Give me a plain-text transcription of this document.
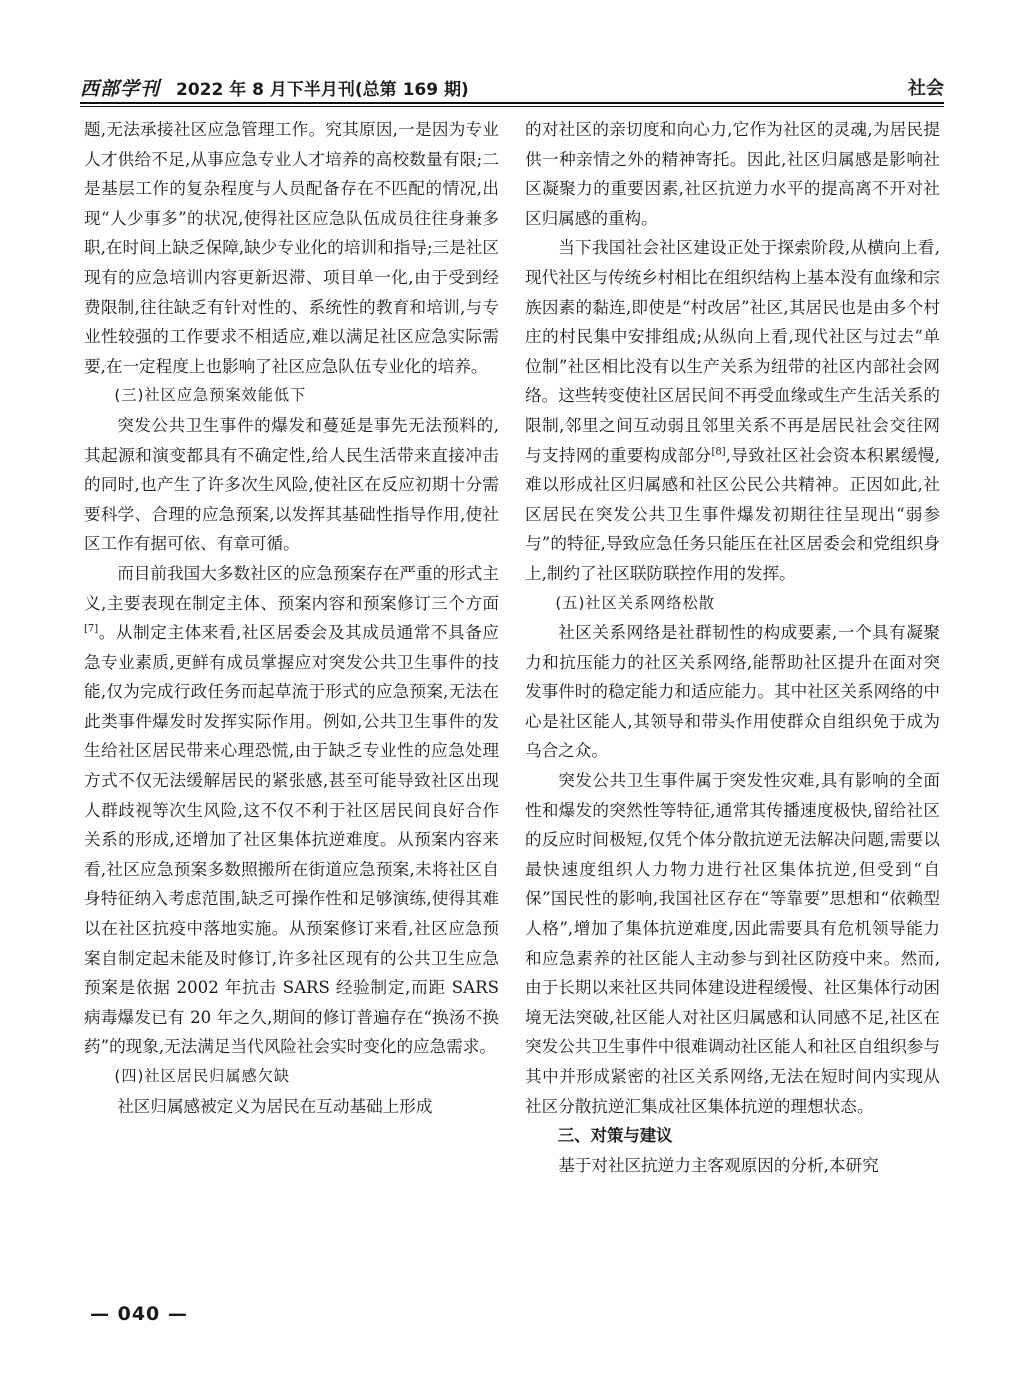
西部学刊 2022 年 8 月下半月刊(总第 169 期)	社会

题,无法承接社区应急管理工作。究其原因,一是因为专业人才供给不足,从事应急专业人才培养的高校数量有限;二是基层工作的复杂程度与人员配备存在不匹配的情况,出现“人少事多”的状况,使得社区应急队伍成员往往身兼多职,在时间上缺乏保障,缺少专业化的培训和指导;三是社区现有的应急培训内容更新迟滞、项目单一化,由于受到经费限制,往往缺乏有针对性的、系统性的教育和培训,与专业性较强的工作要求不相适应,难以满足社区应急实际需要,在一定程度上也影响了社区应急队伍专业化的培养。

(三)社区应急预案效能低下

突发公共卫生事件的爆发和蔓延是事先无法预料的,其起源和演变都具有不确定性,给人民生活带来直接冲击的同时,也产生了许多次生风险,使社区在反应初期十分需要科学、合理的应急预案,以发挥其基础性指导作用,使社区工作有据可依、有章可循。

而目前我国大多数社区的应急预案存在严重的形式主义,主要表现在制定主体、预案内容和预案修订三个方面[7]。从制定主体来看,社区居委会及其成员通常不具备应急专业素质,更鲜有成员掌握应对突发公共卫生事件的技能,仅为完成行政任务而起草流于形式的应急预案,无法在此类事件爆发时发挥实际作用。例如,公共卫生事件的发生给社区居民带来心理恐慌,由于缺乏专业性的应急处理方式不仅无法缓解居民的紧张感,甚至可能导致社区出现人群歧视等次生风险,这不仅不利于社区居民间良好合作关系的形成,还增加了社区集体抗逆难度。从预案内容来看,社区应急预案多数照搬所在街道应急预案,未将社区自身特征纳入考虑范围,缺乏可操作性和足够演练,使得其难以在社区抗疫中落地实施。从预案修订来看,社区应急预案自制定起未能及时修订,许多社区现有的公共卫生应急预案是依据 2002 年抗击 SARS 经验制定,而距 SARS 病毒爆发已有 20 年之久,期间的修订普遍存在“换汤不换药”的现象,无法满足当代风险社会实时变化的应急需求。

(四)社区居民归属感欠缺

社区归属感被定义为居民在互动基础上形成

的对社区的亲切度和向心力,它作为社区的灵魂,为居民提供一种亲情之外的精神寄托。因此,社区归属感是影响社区凝聚力的重要因素,社区抗逆力水平的提高离不开对社区归属感的重构。

当下我国社会社区建设正处于探索阶段,从横向上看,现代社区与传统乡村相比在组织结构上基本没有血缘和宗族因素的黏连,即使是“村改居”社区,其居民也是由多个村庄的村民集中安排组成;从纵向上看,现代社区与过去“单位制”社区相比没有以生产关系为纽带的社区内部社会网络。这些转变使社区居民间不再受血缘或生产生活关系的限制,邻里之间互动弱且邻里关系不再是居民社会交往网与支持网的重要构成部分[8],导致社区社会资本积累缓慢,难以形成社区归属感和社区公民公共精神。正因如此,社区居民在突发公共卫生事件爆发初期往往呈现出“弱参与”的特征,导致应急任务只能压在社区居委会和党组织身上,制约了社区联防联控作用的发挥。

(五)社区关系网络松散

社区关系网络是社群韧性的构成要素,一个具有凝聚力和抗压能力的社区关系网络,能帮助社区提升在面对突发事件时的稳定能力和适应能力。其中社区关系网络的中心是社区能人,其领导和带头作用使群众自组织免于成为乌合之众。

突发公共卫生事件属于突发性灾难,具有影响的全面性和爆发的突然性等特征,通常其传播速度极快,留给社区的反应时间极短,仅凭个体分散抗逆无法解决问题,需要以最快速度组织人力物力进行社区集体抗逆,但受到“自保”国民性的影响,我国社区存在“等靠要”思想和“依赖型人格”,增加了集体抗逆难度,因此需要具有危机领导能力和应急素养的社区能人主动参与到社区防疫中来。然而,由于长期以来社区共同体建设进程缓慢、社区集体行动困境无法突破,社区能人对社区归属感和认同感不足,社区在突发公共卫生事件中很难调动社区能人和社区自组织参与其中并形成紧密的社区关系网络,无法在短时间内实现从社区分散抗逆汇集成社区集体抗逆的理想状态。

三、对策与建议

基于对社区抗逆力主客观原因的分析,本研究

— 040 —
